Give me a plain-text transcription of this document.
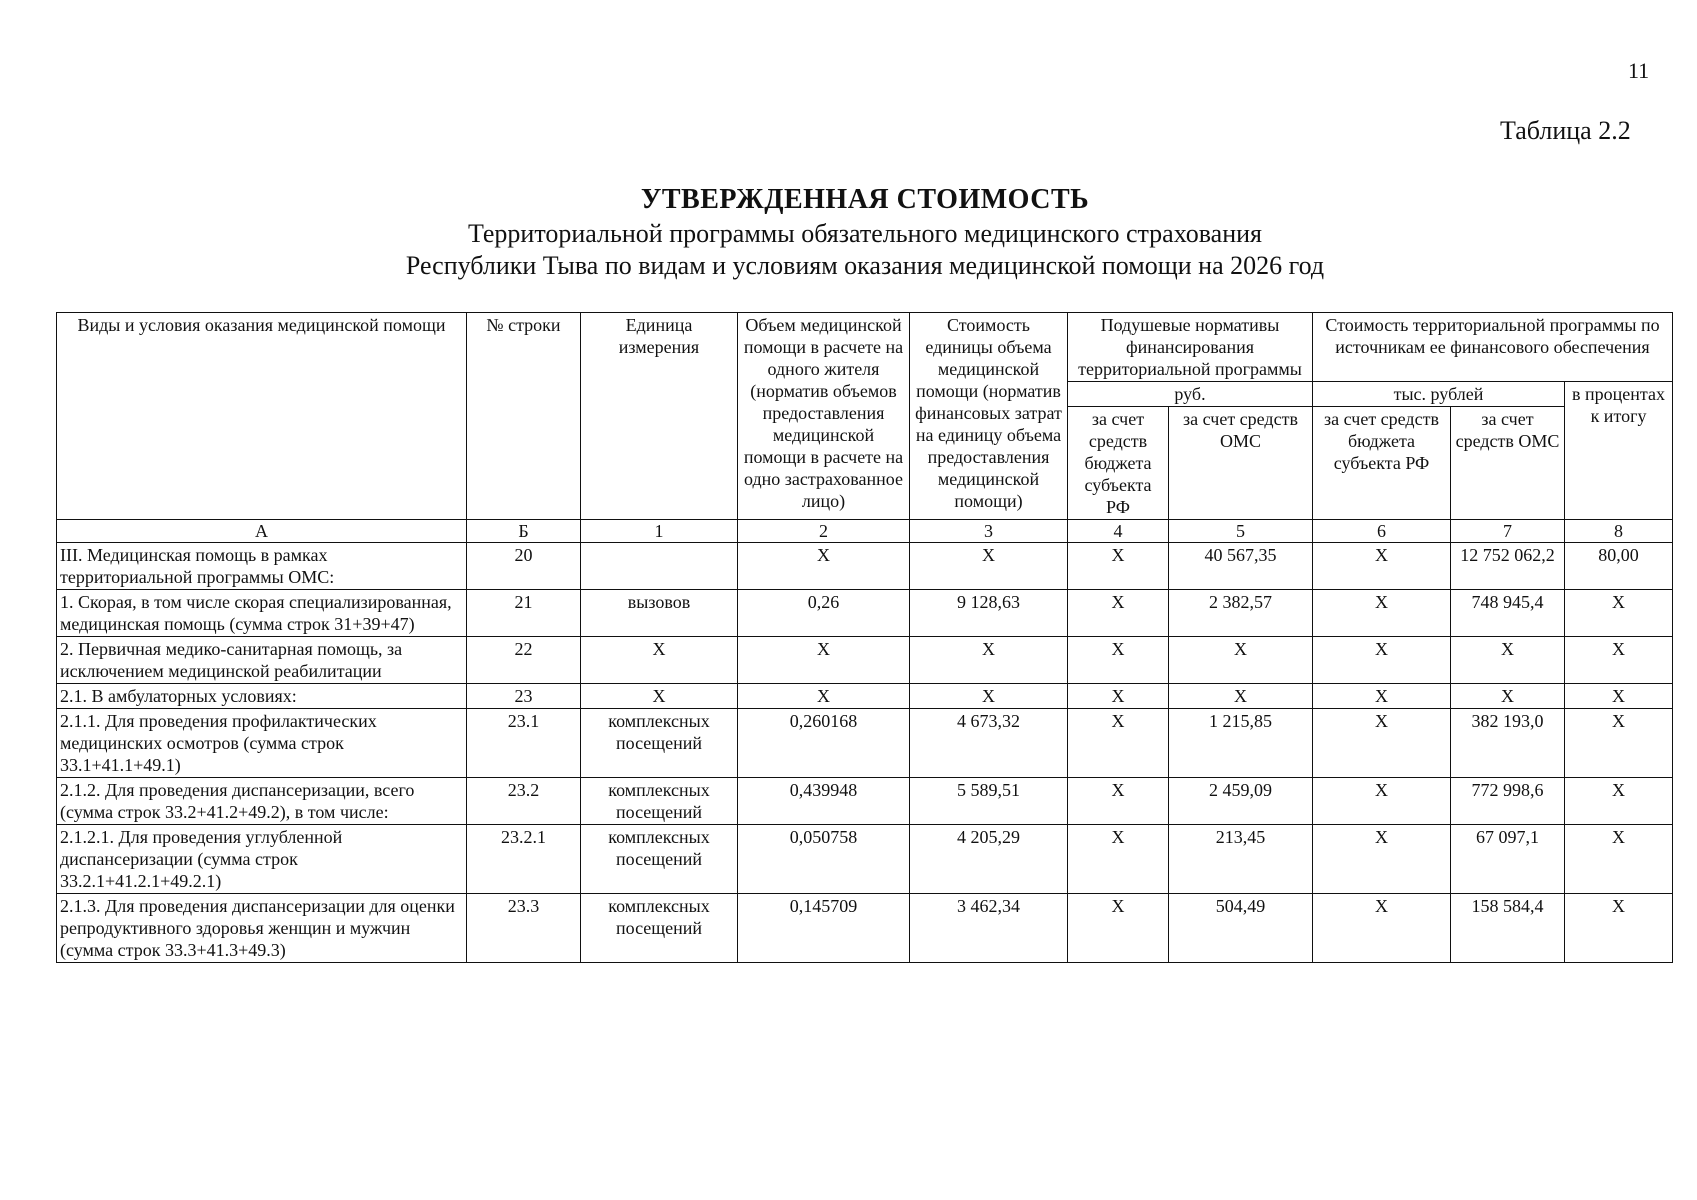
11
Таблица 2.2
УТВЕРЖДЕННАЯ СТОИМОСТЬ
Территориальной программы обязательного медицинского страхования
Республики Тыва по видам и условиям оказания медицинской помощи на 2026 год
Виды и условия оказания медицинской помощи	№ строки	Единица измерения	Объем медицинской помощи в расчете на одного жителя (норматив объемов предоставления медицинской помощи в расчете на одно застрахованное лицо)	Стоимость единицы объема медицинской помощи (норматив финансовых затрат на единицу объема предоставления медицинской помощи)	Подушевые нормативы финансирования территориальной программы		Стоимость территориальной программы по источникам ее финансового обеспечения		
					руб.		тыс. рублей		в процентах к итогу
					за счет средств бюджета субъекта РФ	за счет средств ОМС	за счет средств бюджета субъекта РФ	за счет средств ОМС	
А	Б	1	2	3	4	5	6	7	8
III. Медицинская помощь в рамках территориальной программы ОМС:	20		X	X	X	40 567,35	X	12 752 062,2	80,00
1. Скорая, в том числе скорая специализированная, медицинская помощь (сумма строк 31+39+47)	21	вызовов	0,26	9 128,63	X	2 382,57	X	748 945,4	X
2. Первичная медико-санитарная помощь, за исключением медицинской реабилитации	22	X	X	X	X	X	X	X	X
2.1. В амбулаторных условиях:	23	X	X	X	X	X	X	X	X
2.1.1. Для проведения профилактических медицинских осмотров (сумма строк 33.1+41.1+49.1)	23.1	комплексных посещений	0,260168	4 673,32	X	1 215,85	X	382 193,0	X
2.1.2. Для проведения диспансеризации, всего (сумма строк 33.2+41.2+49.2), в том числе:	23.2	комплексных посещений	0,439948	5 589,51	X	2 459,09	X	772 998,6	X
2.1.2.1. Для проведения углубленной диспансеризации (сумма строк 33.2.1+41.2.1+49.2.1)	23.2.1	комплексных посещений	0,050758	4 205,29	X	213,45	X	67 097,1	X
2.1.3. Для проведения диспансеризации для оценки репродуктивного здоровья женщин и мужчин (сумма строк 33.3+41.3+49.3)	23.3	комплексных посещений	0,145709	3 462,34	X	504,49	X	158 584,4	X
